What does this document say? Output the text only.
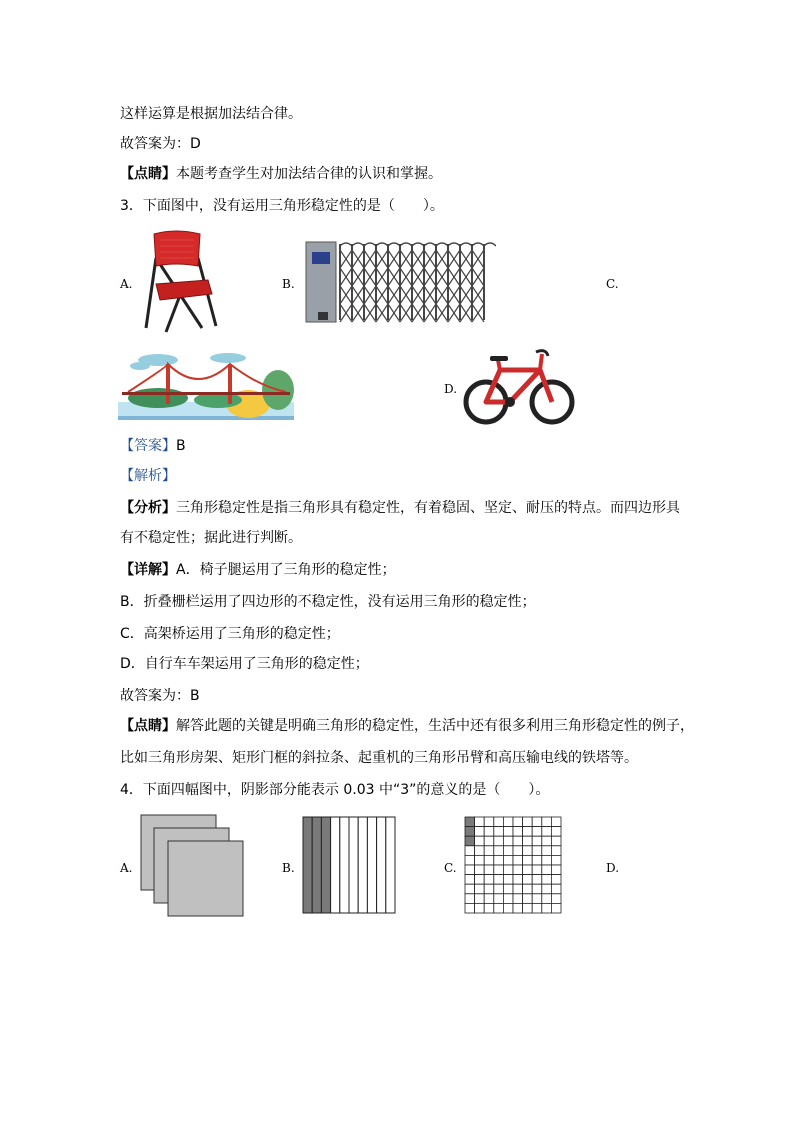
这样运算是根据加法结合律。
故答案为：D
【点睛】本题考查学生对加法结合律的认识和掌握。
3．下面图中，没有运用三角形稳定性的是（　　）。
A.	B.	C.
D.
【答案】B
【解析】
【分析】三角形稳定性是指三角形具有稳定性，有着稳固、坚定、耐压的特点。而四边形具
有不稳定性；据此进行判断。
【详解】A．椅子腿运用了三角形的稳定性；
B．折叠栅栏运用了四边形的不稳定性，没有运用三角形的稳定性；
C．高架桥运用了三角形的稳定性；
D．自行车车架运用了三角形的稳定性；
故答案为：B
【点睛】解答此题的关键是明确三角形的稳定性，生活中还有很多利用三角形稳定性的例子，
比如三角形房架、矩形门框的斜拉条、起重机的三角形吊臂和高压输电线的铁塔等。
4．下面四幅图中，阴影部分能表示 0.03 中“3”的意义的是（　　）。
A.	B.	C.	D.
